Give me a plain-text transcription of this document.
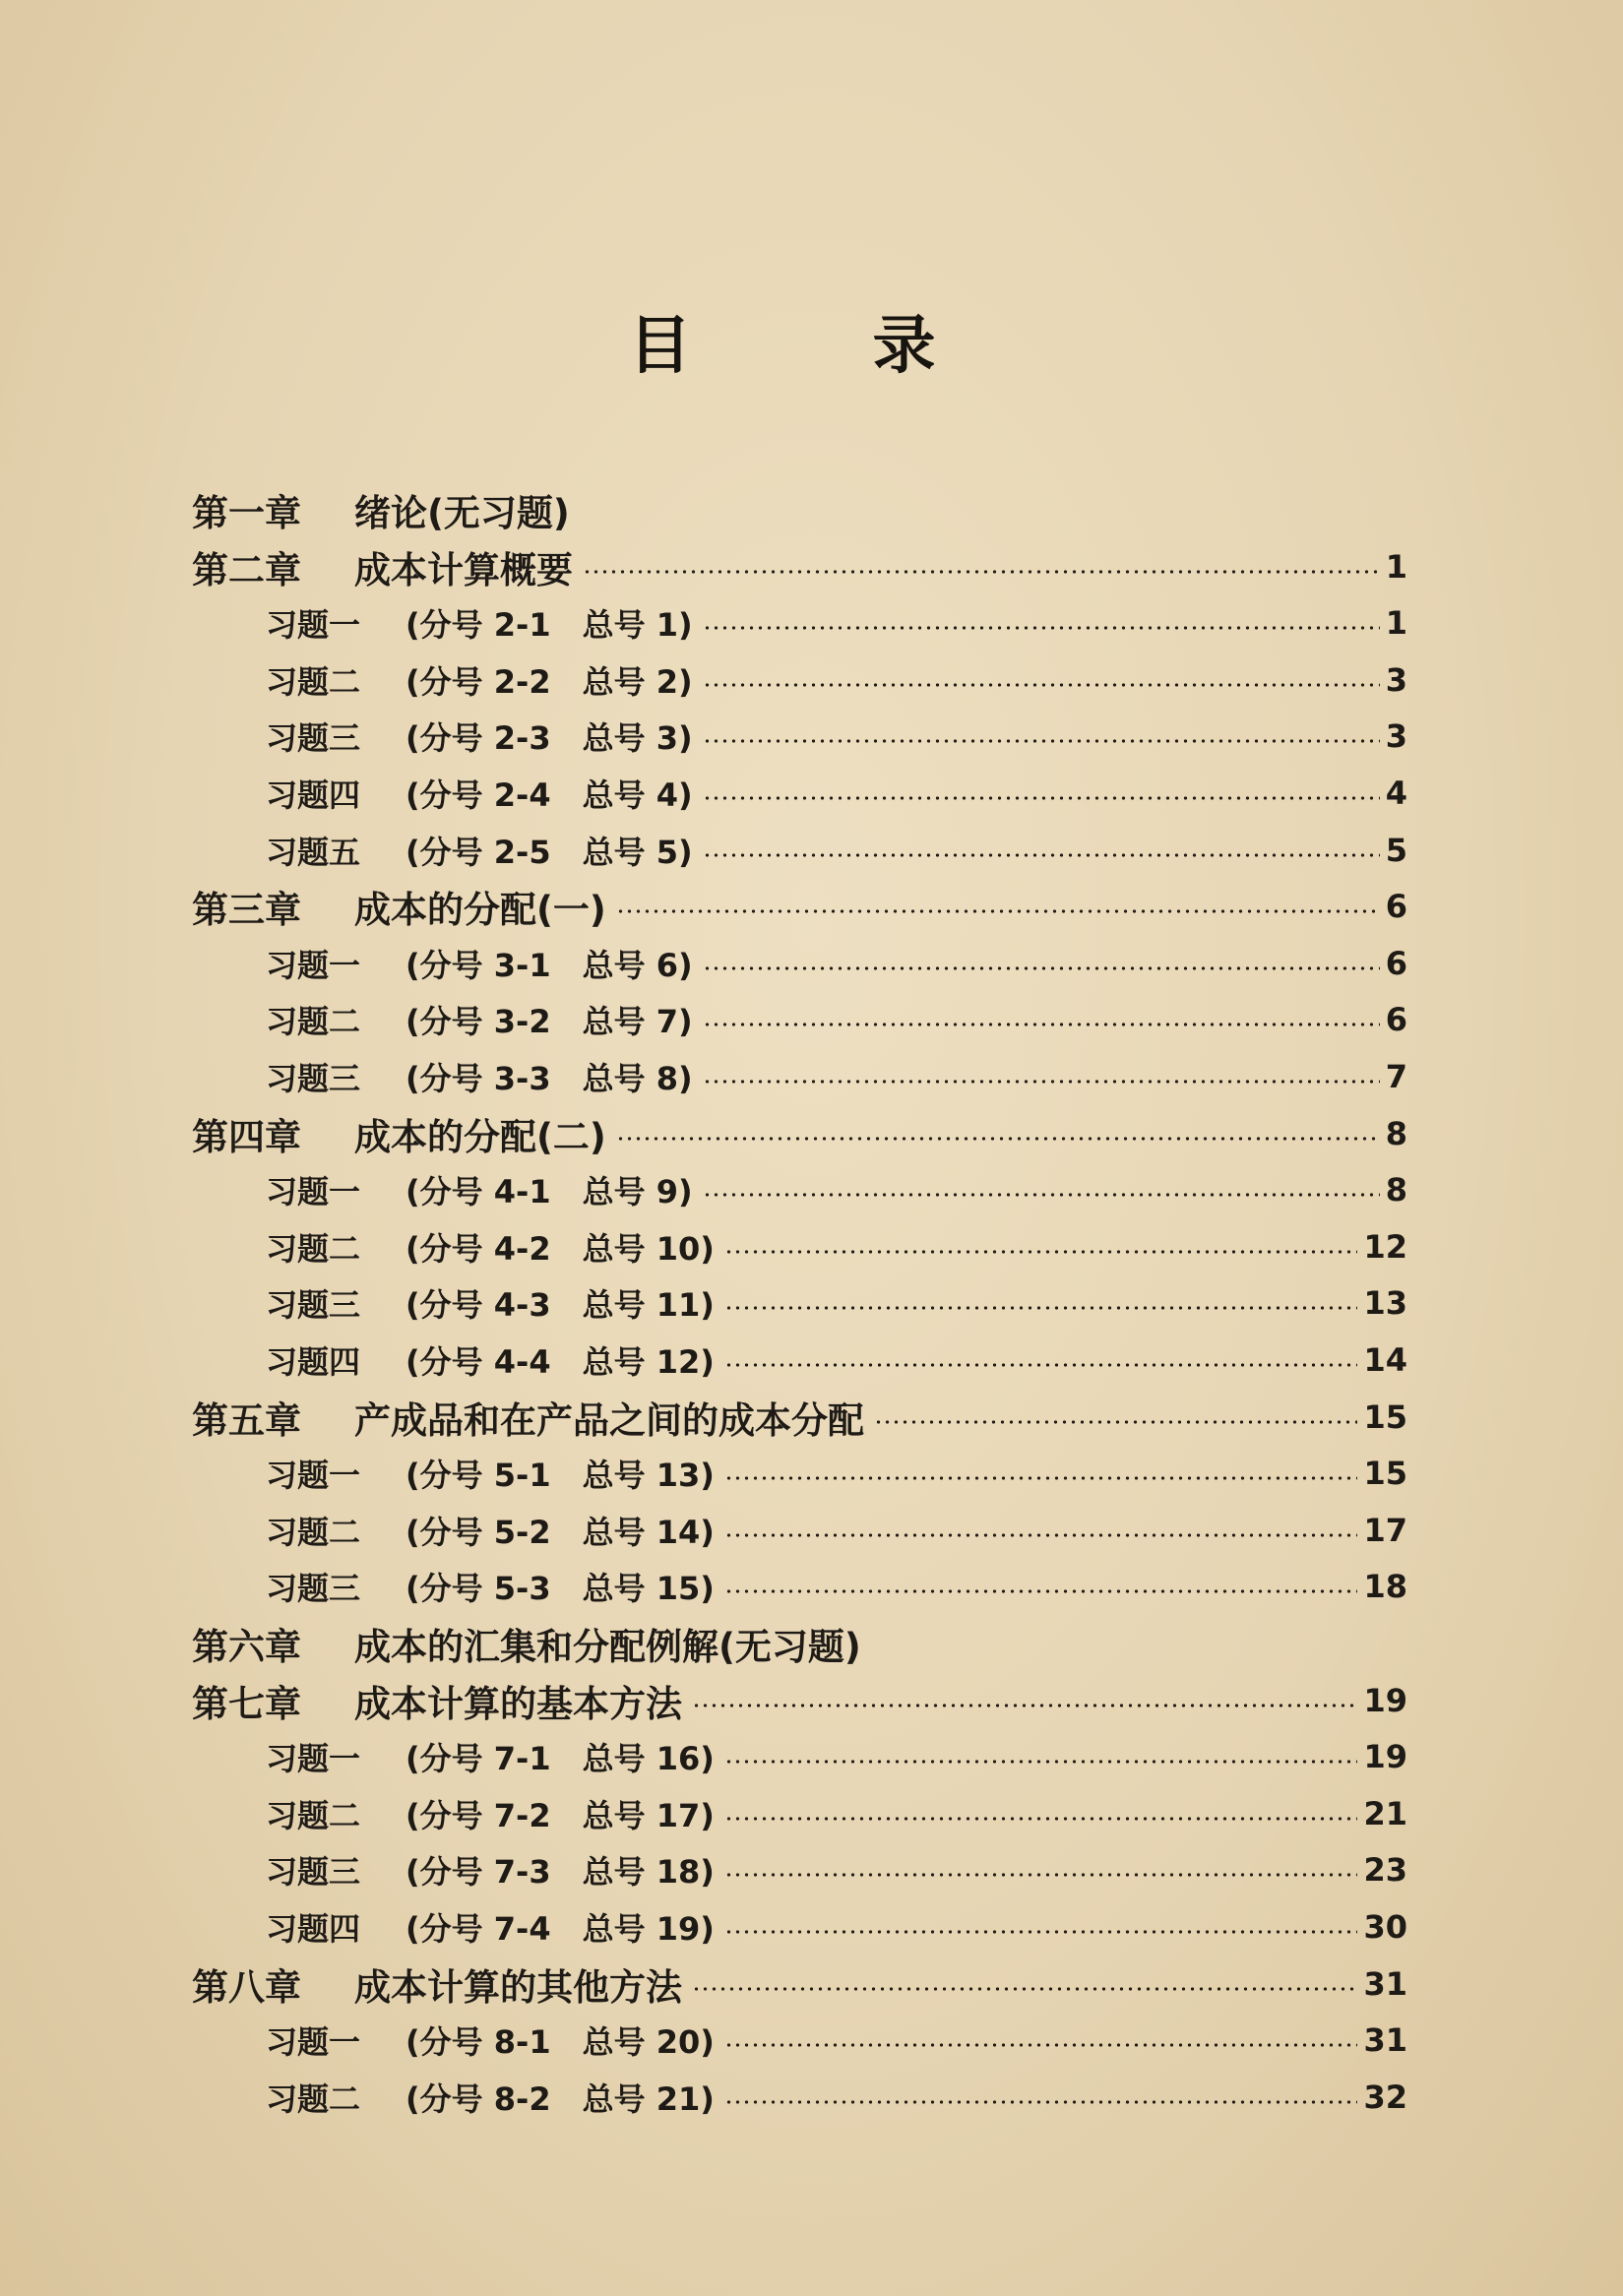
目　录
第一章	绪论(无习题)
第二章	成本计算概要	1
习题一	(分号 2-1　总号 1)	1
习题二	(分号 2-2　总号 2)	3
习题三	(分号 2-3　总号 3)	3
习题四	(分号 2-4　总号 4)	4
习题五	(分号 2-5　总号 5)	5
第三章	成本的分配(一)	6
习题一	(分号 3-1　总号 6)	6
习题二	(分号 3-2　总号 7)	6
习题三	(分号 3-3　总号 8)	7
第四章	成本的分配(二)	8
习题一	(分号 4-1　总号 9)	8
习题二	(分号 4-2　总号 10)	12
习题三	(分号 4-3　总号 11)	13
习题四	(分号 4-4　总号 12)	14
第五章	产成品和在产品之间的成本分配	15
习题一	(分号 5-1　总号 13)	15
习题二	(分号 5-2　总号 14)	17
习题三	(分号 5-3　总号 15)	18
第六章	成本的汇集和分配例解(无习题)
第七章	成本计算的基本方法	19
习题一	(分号 7-1　总号 16)	19
习题二	(分号 7-2　总号 17)	21
习题三	(分号 7-3　总号 18)	23
习题四	(分号 7-4　总号 19)	30
第八章	成本计算的其他方法	31
习题一	(分号 8-1　总号 20)	31
习题二	(分号 8-2　总号 21)	32
